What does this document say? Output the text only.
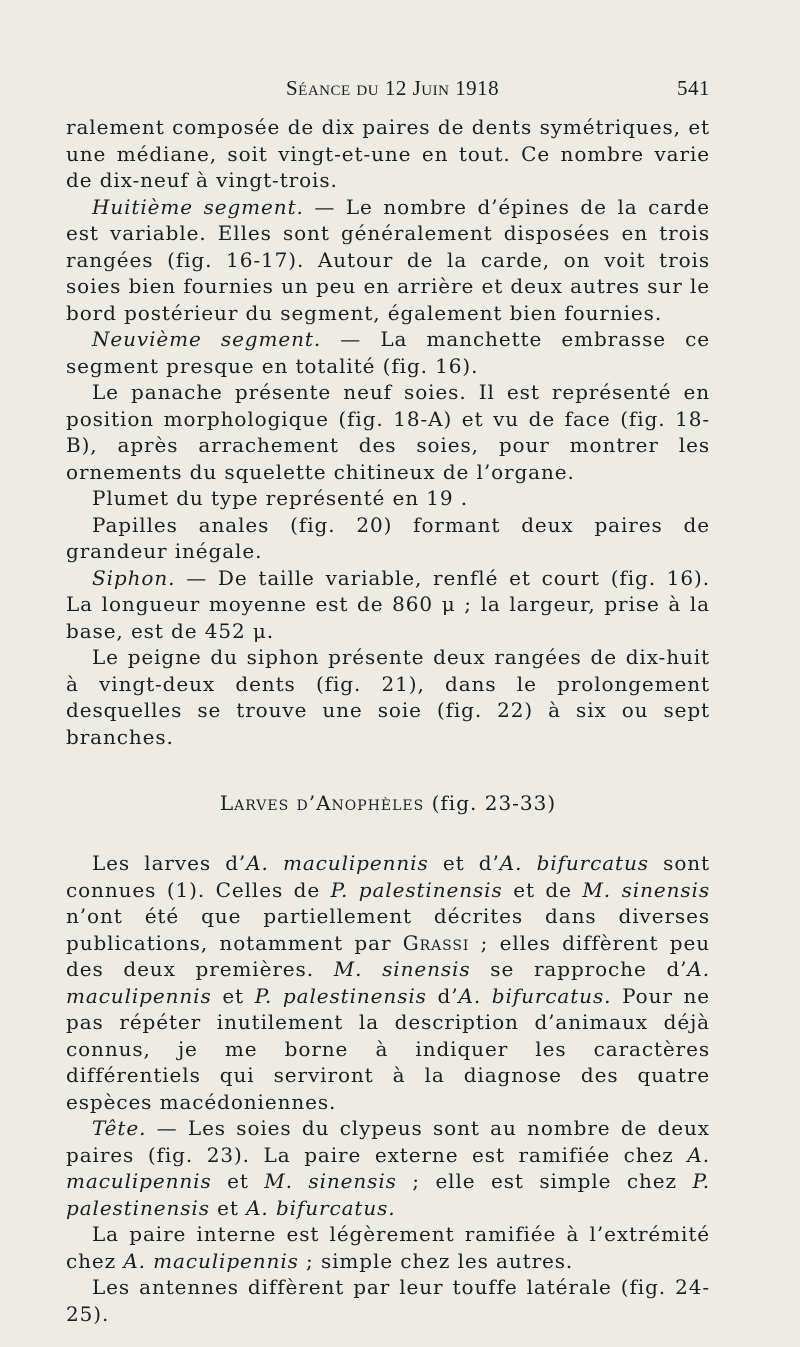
Séance du 12 Juin 1918	541

ralement composée de dix paires de dents symétriques, et une médiane, soit vingt-et-une en tout. Ce nombre varie de dix-neuf à vingt-trois.

Huitième segment. — Le nombre d’épines de la carde est variable. Elles sont généralement disposées en trois rangées (fig. 16-17). Autour de la carde, on voit trois soies bien fournies un peu en arrière et deux autres sur le bord postérieur du segment, également bien fournies.

Neuvième segment. — La manchette embrasse ce segment presque en totalité (fig. 16).

Le panache présente neuf soies. Il est représenté en position morphologique (fig. 18-A) et vu de face (fig. 18-B), après arrachement des soies, pour montrer les ornements du squelette chitineux de l’organe.

Plumet du type représenté en 19 .

Papilles anales (fig. 20) formant deux paires de grandeur inégale.

Siphon. — De taille variable, renflé et court (fig. 16). La longueur moyenne est de 860 μ ; la largeur, prise à la base, est de 452 μ.

Le peigne du siphon présente deux rangées de dix-huit à vingt-deux dents (fig. 21), dans le prolongement desquelles se trouve une soie (fig. 22) à six ou sept branches.

Larves d’Anophèles (fig. 23-33)

Les larves d’A. maculipennis et d’A. bifurcatus sont connues (1). Celles de P. palestinensis et de M. sinensis n’ont été que partiellement décrites dans diverses publications, notamment par Grassi ; elles diffèrent peu des deux premières. M. sinensis se rapproche d’A. maculipennis et P. palestinensis d’A. bifurcatus. Pour ne pas répéter inutilement la description d’animaux déjà connus, je me borne à indiquer les caractères différentiels qui serviront à la diagnose des quatre espèces macédoniennes.

Tête. — Les soies du clypeus sont au nombre de deux paires (fig. 23). La paire externe est ramifiée chez A. maculipennis et M. sinensis ; elle est simple chez P. palestinensis et A. bifurcatus.

La paire interne est légèrement ramifiée à l’extrémité chez A. maculipennis ; simple chez les autres.

Les antennes diffèrent par leur touffe latérale (fig. 24-25).
